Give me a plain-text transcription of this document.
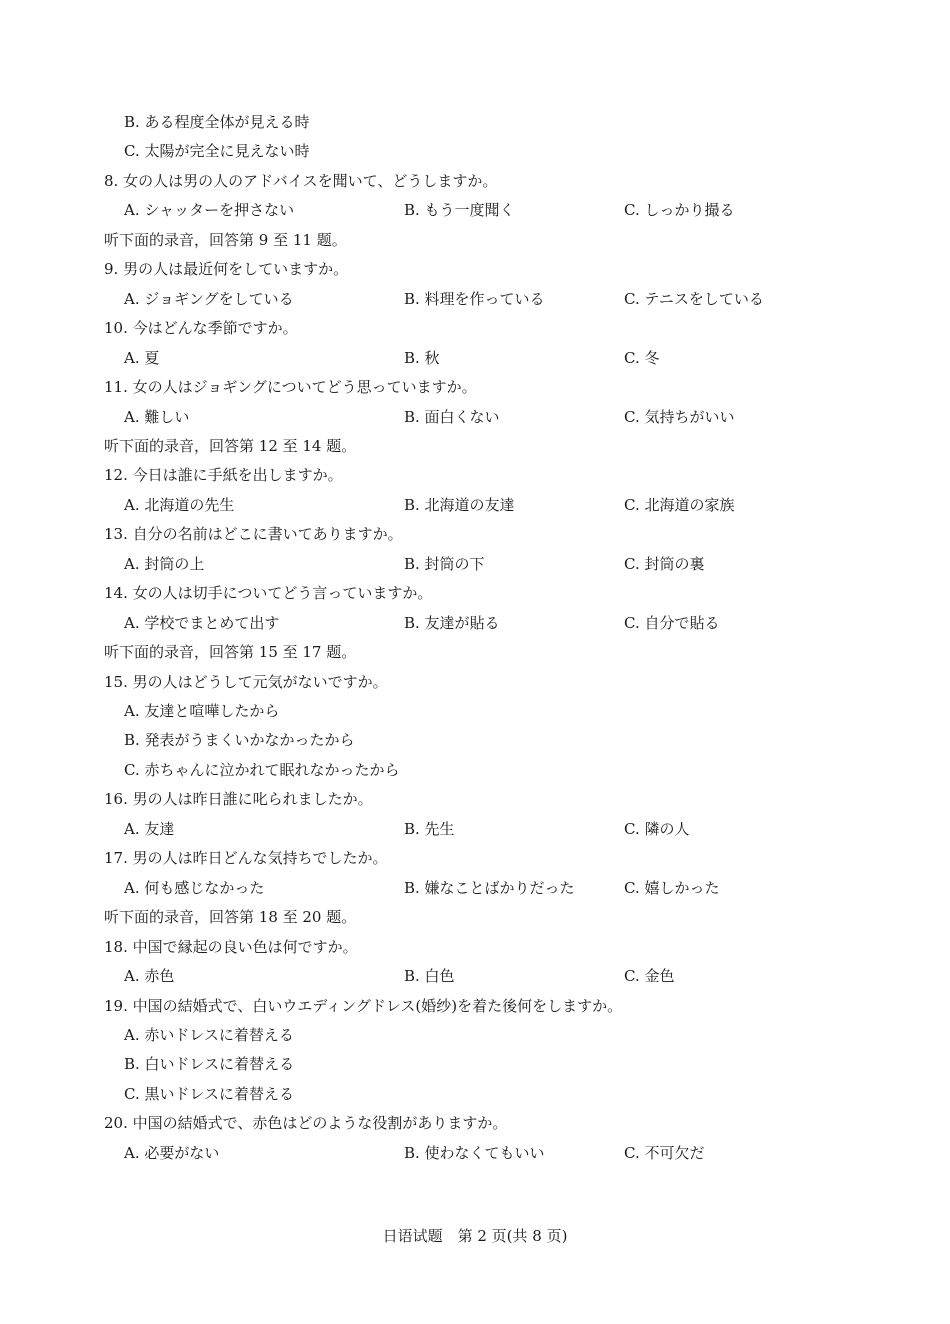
B. ある程度全体が見える時
C. 太陽が完全に見えない時
8. 女の人は男の人のアドバイスを聞いて、どうしますか。
A. シャッターを押さない	B. もう一度聞く	C. しっかり撮る
听下面的录音，回答第 9 至 11 题。
9. 男の人は最近何をしていますか。
A. ジョギングをしている	B. 料理を作っている	C. テニスをしている
10. 今はどんな季節ですか。
A. 夏	B. 秋	C. 冬
11. 女の人はジョギングについてどう思っていますか。
A. 難しい	B. 面白くない	C. 気持ちがいい
听下面的录音，回答第 12 至 14 题。
12. 今日は誰に手紙を出しますか。
A. 北海道の先生	B. 北海道の友達	C. 北海道の家族
13. 自分の名前はどこに書いてありますか。
A. 封筒の上	B. 封筒の下	C. 封筒の裏
14. 女の人は切手についてどう言っていますか。
A. 学校でまとめて出す	B. 友達が貼る	C. 自分で貼る
听下面的录音，回答第 15 至 17 题。
15. 男の人はどうして元気がないですか。
A. 友達と喧嘩したから
B. 発表がうまくいかなかったから
C. 赤ちゃんに泣かれて眠れなかったから
16. 男の人は昨日誰に叱られましたか。
A. 友達	B. 先生	C. 隣の人
17. 男の人は昨日どんな気持ちでしたか。
A. 何も感じなかった	B. 嫌なことばかりだった	C. 嬉しかった
听下面的录音，回答第 18 至 20 题。
18. 中国で縁起の良い色は何ですか。
A. 赤色	B. 白色	C. 金色
19. 中国の結婚式で、白いウエディングドレス(婚纱)を着た後何をしますか。
A. 赤いドレスに着替える
B. 白いドレスに着替える
C. 黒いドレスに着替える
20. 中国の結婚式で、赤色はどのような役割がありますか。
A. 必要がない	B. 使わなくてもいい	C. 不可欠だ
日语试题　第 2 页(共 8 页)
